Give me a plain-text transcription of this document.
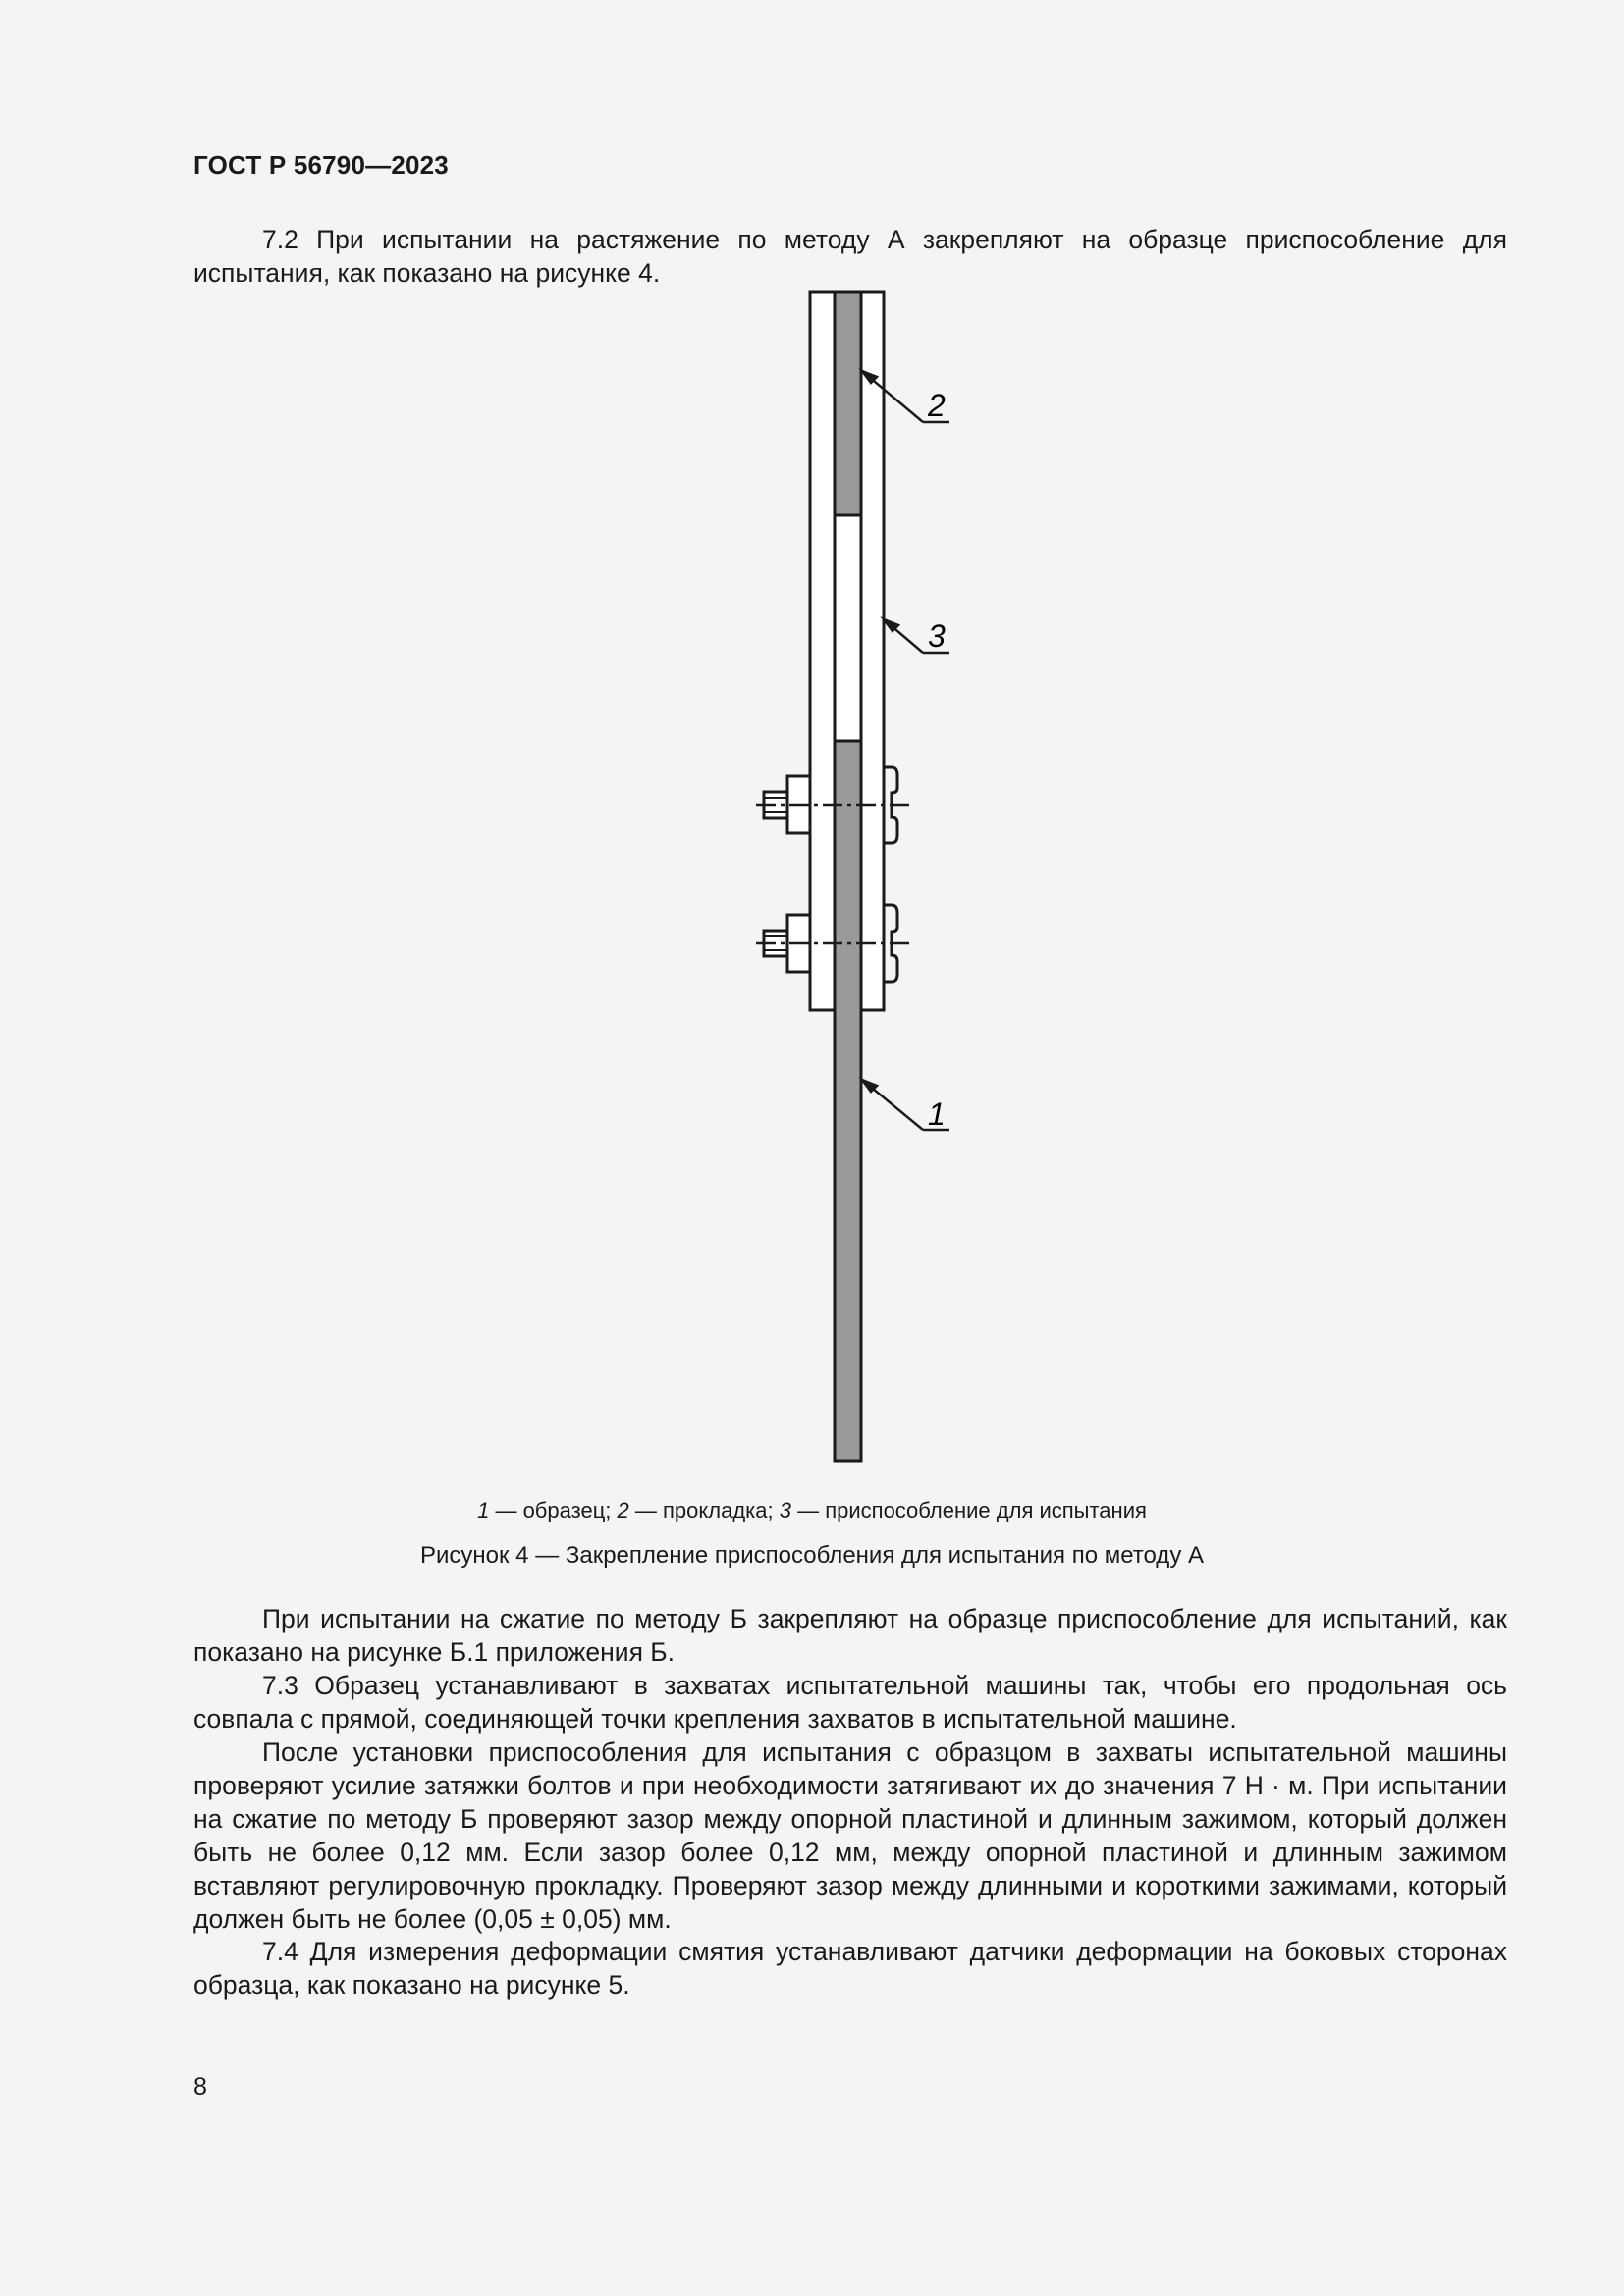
ГОСТ Р 56790—2023

7.2 При испытании на растяжение по методу А закрепляют на образце приспособление для испытания, как показано на рисунке 4.

2
3
1
1 — образец; 2 — прокладка; 3 — приспособление для испытания
Рисунок 4 — Закрепление приспособления для испытания по методу А

При испытании на сжатие по методу Б закрепляют на образце приспособление для испытаний, как показано на рисунке Б.1 приложения Б.

7.3 Образец устанавливают в захватах испытательной машины так, чтобы его продольная ось совпала с прямой, соединяющей точки крепления захватов в испытательной машине.

После установки приспособления для испытания с образцом в захваты испытательной машины проверяют усилие затяжки болтов и при необходимости затягивают их до значения 7 Н · м. При испытании на сжатие по методу Б проверяют зазор между опорной пластиной и длинным зажимом, который должен быть не более 0,12 мм. Если зазор более 0,12 мм, между опорной пластиной и длинным зажимом вставляют регулировочную прокладку. Проверяют зазор между длинными и короткими зажимами, который должен быть не более (0,05 ± 0,05) мм.

7.4 Для измерения деформации смятия устанавливают датчики деформации на боковых сторонах образца, как показано на рисунке 5.

8
